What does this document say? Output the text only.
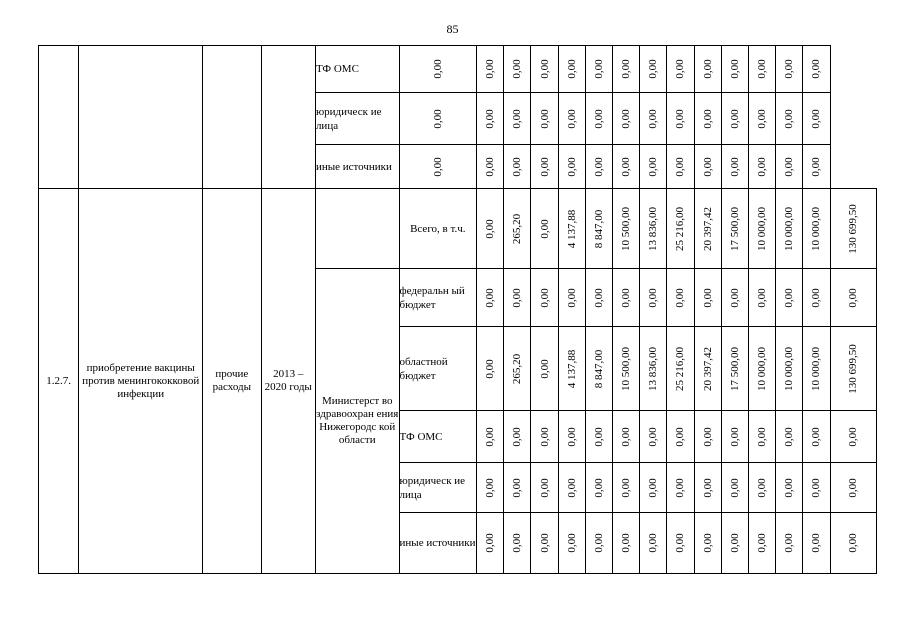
85
				ТФ ОМС	0,00	0,00	0,00	0,00	0,00	0,00	0,00	0,00	0,00	0,00	0,00	0,00	0,00	0,00	

				юридическ ие лица	0,00	0,00	0,00	0,00	0,00	0,00	0,00	0,00	0,00	0,00	0,00	0,00	0,00	0,00	

				иные источники	0,00	0,00	0,00	0,00	0,00	0,00	0,00	0,00	0,00	0,00	0,00	0,00	0,00	0,00	

1.2.7.	приобретение вакцины против менингококковой инфекции	прочие расходы	2013 – 2020 годы		Всего, в т.ч.	0,00	265,20	0,00	4 137,88	8 847,00	10 500,00	13 836,00	25 216,00	20 397,42	17 500,00	10 000,00	10 000,00	10 000,00	130 699,50

				Министерст во здравоохран ения Нижегородс кой области	федеральн ый бюджет	0,00	0,00	0,00	0,00	0,00	0,00	0,00	0,00	0,00	0,00	0,00	0,00	0,00	0,00

					областной бюджет	0,00	265,20	0,00	4 137,88	8 847,00	10 500,00	13 836,00	25 216,00	20 397,42	17 500,00	10 000,00	10 000,00	10 000,00	130 699,50

					ТФ ОМС	0,00	0,00	0,00	0,00	0,00	0,00	0,00	0,00	0,00	0,00	0,00	0,00	0,00	0,00

					юридическ ие лица	0,00	0,00	0,00	0,00	0,00	0,00	0,00	0,00	0,00	0,00	0,00	0,00	0,00	0,00

					иные источники	0,00	0,00	0,00	0,00	0,00	0,00	0,00	0,00	0,00	0,00	0,00	0,00	0,00	0,00
